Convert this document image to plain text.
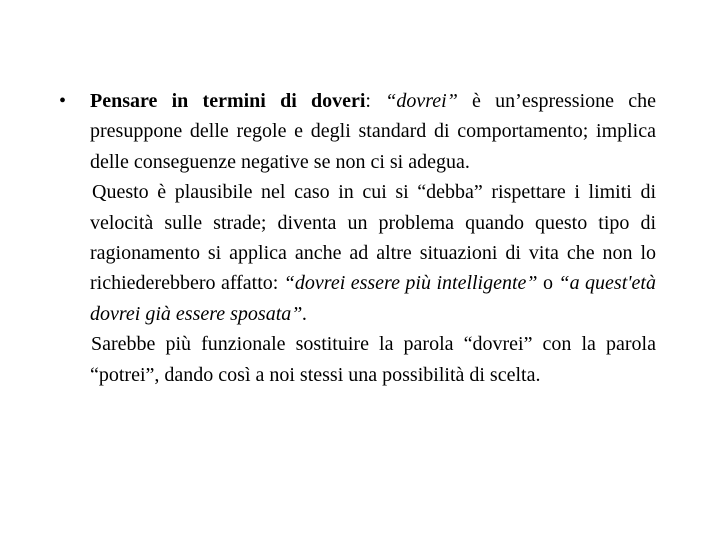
• Pensare in termini di doveri: “dovrei” è un’espressione che presuppone delle regole e degli standard di comportamento; implica delle conseguenze negative se non ci si adegua.

Questo è plausibile nel caso in cui si “debba” rispettare i limiti di velocità sulle strade; diventa un problema quando questo tipo di ragionamento si applica anche ad altre situazioni di vita che non lo richiederebbero affatto: “dovrei essere più intelligente” o “a quest'età dovrei già essere sposata”.

Sarebbe più funzionale sostituire la parola “dovrei” con la parola “potrei”, dando così a noi stessi una possibilità di scelta.
